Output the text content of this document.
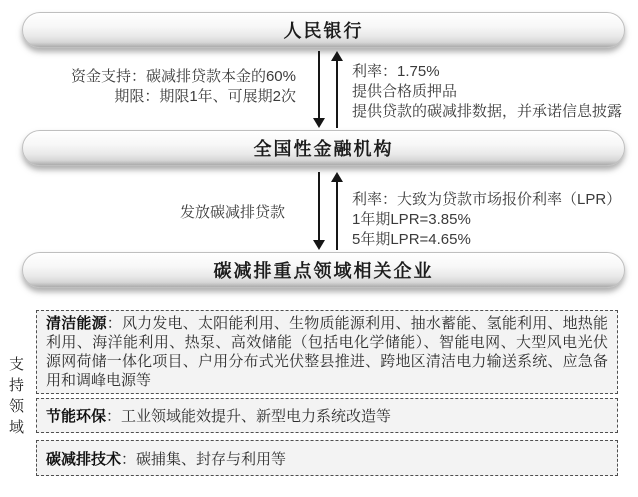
人民银行
资金支持：碳减排贷款本金的60%
期限：期限1年、可展期2次
利率：1.75%
提供合格质押品
提供贷款的碳减排数据，并承诺信息披露
全国性金融机构
发放碳减排贷款
利率：大致为贷款市场报价利率（LPR）
1年期LPR=3.85%
5年期LPR=4.65%
碳减排重点领域相关企业
支持领域
清洁能源：风力发电、太阳能利用、生物质能源利用、抽水蓄能、氢能利用、地热能利用、海洋能利用、热泵、高效储能（包括电化学储能）、智能电网、大型风电光伏源网荷储一体化项目、户用分布式光伏整县推进、跨地区清洁电力输送系统、应急备用和调峰电源等
节能环保：工业领域能效提升、新型电力系统改造等
碳减排技术：碳捕集、封存与利用等
